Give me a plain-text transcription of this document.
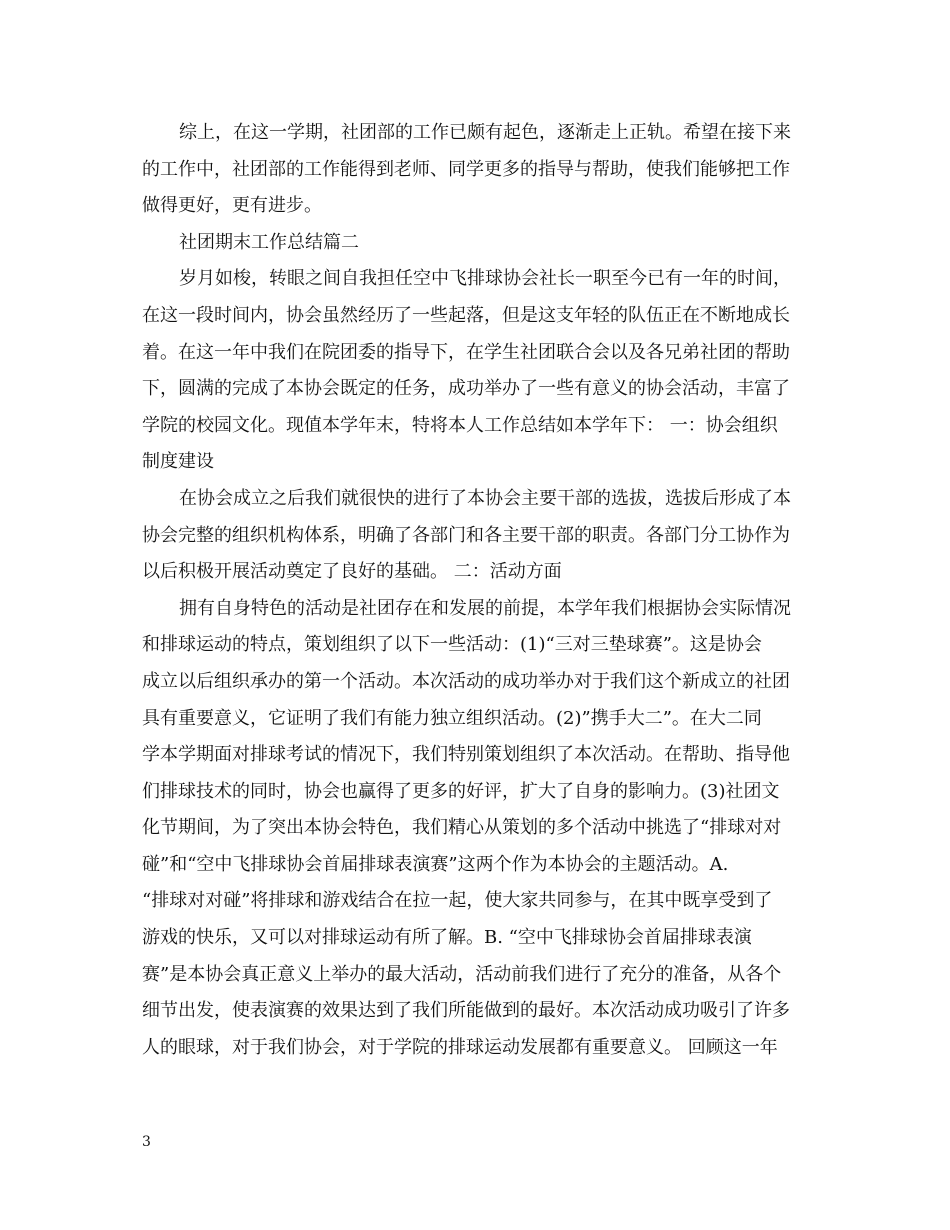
综上，在这一学期，社团部的工作已颇有起色，逐渐走上正轨。希望在接下来
的工作中，社团部的工作能得到老师、同学更多的指导与帮助，使我们能够把工作
做得更好，更有进步。
社团期末工作总结篇二
岁月如梭，转眼之间自我担任空中飞排球协会社长一职至今已有一年的时间，
在这一段时间内，协会虽然经历了一些起落，但是这支年轻的队伍正在不断地成长
着。在这一年中我们在院团委的指导下，在学生社团联合会以及各兄弟社团的帮助
下，圆满的完成了本协会既定的任务，成功举办了一些有意义的协会活动，丰富了
学院的校园文化。现值本学年末，特将本人工作总结如本学年下： 一：协会组织
制度建设
在协会成立之后我们就很快的进行了本协会主要干部的选拔，选拔后形成了本
协会完整的组织机构体系，明确了各部门和各主要干部的职责。各部门分工协作为
以后积极开展活动奠定了良好的基础。 二：活动方面
拥有自身特色的活动是社团存在和发展的前提，本学年我们根据协会实际情况
和排球运动的特点，策划组织了以下一些活动：(1)“三对三垫球赛”。这是协会
成立以后组织承办的第一个活动。本次活动的成功举办对于我们这个新成立的社团
具有重要意义，它证明了我们有能力独立组织活动。(2)”携手大二”。在大二同
学本学期面对排球考试的情况下，我们特别策划组织了本次活动。在帮助、指导他
们排球技术的同时，协会也赢得了更多的好评，扩大了自身的影响力。(3)社团文
化节期间，为了突出本协会特色，我们精心从策划的多个活动中挑选了“排球对对
碰”和“空中飞排球协会首届排球表演赛”这两个作为本协会的主题活动。A.
“排球对对碰”将排球和游戏结合在拉一起，使大家共同参与，在其中既享受到了
游戏的快乐，又可以对排球运动有所了解。B. “空中飞排球协会首届排球表演
赛”是本协会真正意义上举办的最大活动，活动前我们进行了充分的准备，从各个
细节出发，使表演赛的效果达到了我们所能做到的最好。本次活动成功吸引了许多
人的眼球，对于我们协会，对于学院的排球运动发展都有重要意义。 回顾这一年
3
